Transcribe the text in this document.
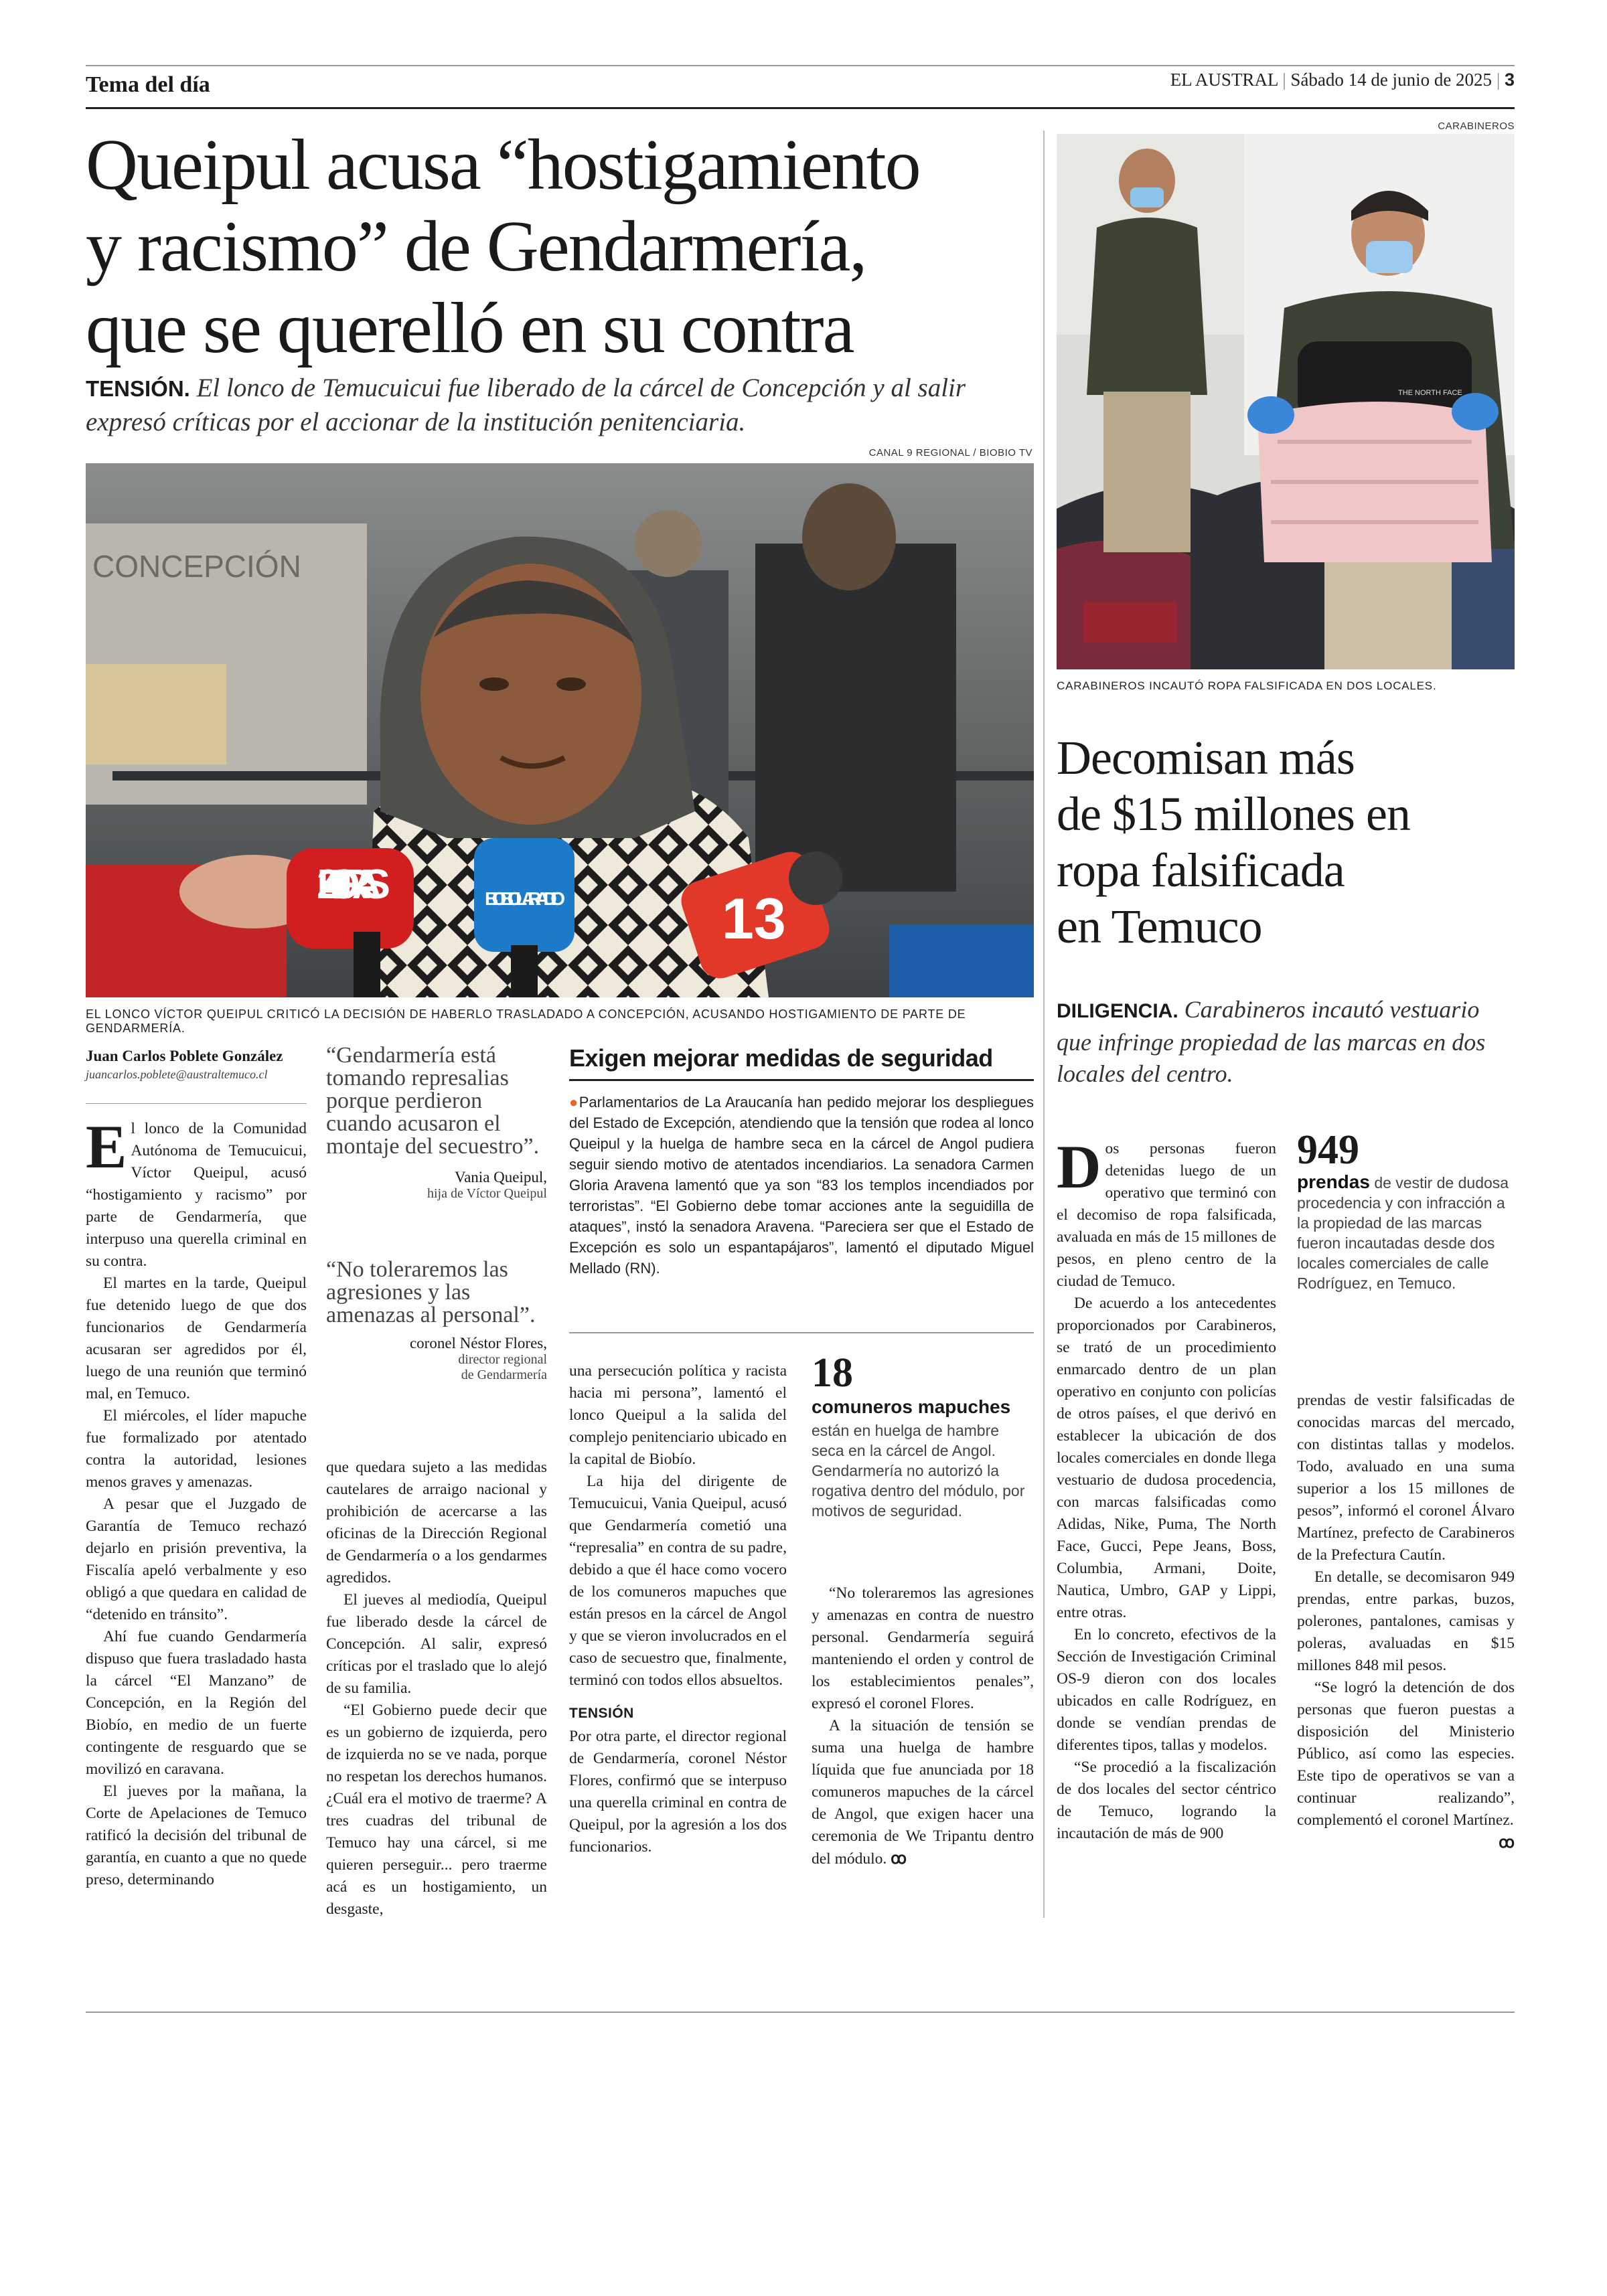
Tema del día	EL AUSTRAL | Sábado 14 de junio de 2025 | 3
Queipul acusa “hostigamiento
y racismo” de Gendarmería,
que se querelló en su contra
TENSIÓN. El lonco de Temucuicui fue liberado de la cárcel de Concepción y al salir expresó críticas por el accionar de la institución penitenciaria.
CANAL 9 REGIONAL / BIOBIO TV
CONCEPCIÓN
24 HORAS	BIO BIO LA RADIO	13
EL LONCO VÍCTOR QUEIPUL CRITICÓ LA DECISIÓN DE HABERLO TRASLADADO A CONCEPCIÓN, ACUSANDO HOSTIGAMIENTO DE PARTE DE GENDARMERÍA.
Juan Carlos Poblete González
juancarlos.poblete@australtemuco.cl

El lonco de la Comunidad Autónoma de Temucuicui, Víctor Queipul, acusó “hostigamiento y racismo” por parte de Gendarmería, que interpuso una querella criminal en su contra.

El martes en la tarde, Queipul fue detenido luego de que dos funcionarios de Gendarmería acusaran ser agredidos por él, luego de una reunión que terminó mal, en Temuco.

El miércoles, el líder mapuche fue formalizado por atentado contra la autoridad, lesiones menos graves y amenazas.

A pesar que el Juzgado de Garantía de Temuco rechazó dejarlo en prisión preventiva, la Fiscalía apeló verbalmente y eso obligó a que quedara en calidad de “detenido en tránsito”.

Ahí fue cuando Gendarmería dispuso que fuera trasladado hasta la cárcel “El Manzano” de Concepción, en la Región del Biobío, en medio de un fuerte contingente de resguardo que se movilizó en caravana.

El jueves por la mañana, la Corte de Apelaciones de Temuco ratificó la decisión del tribunal de garantía, en cuanto a que no quede preso, determinando

“Gendarmería está tomando represalias porque perdieron cuando acusaron el montaje del secuestro”.
Vania Queipul,
hija de Víctor Queipul
“No toleraremos las agresiones y las amenazas al personal”.
coronel Néstor Flores,
director regional
de Gendarmería

que quedara sujeto a las medidas cautelares de arraigo nacional y prohibición de acercarse a las oficinas de la Dirección Regional de Gendarmería o a los gendarmes agredidos.

El jueves al mediodía, Queipul fue liberado desde la cárcel de Concepción. Al salir, expresó críticas por el traslado que lo alejó de su familia.

“El Gobierno puede decir que es un gobierno de izquierda, pero de izquierda no se ve nada, porque no respetan los derechos humanos. ¿Cuál era el motivo de traerme? A tres cuadras del tribunal de Temuco hay una cárcel, si me quieren perseguir... pero traerme acá es un hostigamiento, un desgaste,

Exigen mejorar medidas de seguridad
●Parlamentarios de La Araucanía han pedido mejorar los despliegues del Estado de Excepción, atendiendo que la tensión que rodea al lonco Queipul y la huelga de hambre seca en la cárcel de Angol pudiera seguir siendo motivo de atentados incendiarios. La senadora Carmen Gloria Aravena lamentó que ya son “83 los templos incendiados por terroristas”. “El Gobierno debe tomar acciones ante la seguidilla de ataques”, instó la senadora Aravena. “Pareciera ser que el Estado de Excepción es solo un espantapájaros”, lamentó el diputado Miguel Mellado (RN).

una persecución política y racista hacia mi persona”, lamentó el lonco Queipul a la salida del complejo penitenciario ubicado en la capital de Biobío.

La hija del dirigente de Temucuicui, Vania Queipul, acusó que Gendarmería cometió una “represalia” en contra de su padre, debido a que él hace como vocero de los comuneros mapuches que están presos en la cárcel de Angol y que se vieron involucrados en el caso de secuestro que, finalmente, terminó con todos ellos absueltos.

TENSIÓN

Por otra parte, el director regional de Gendarmería, coronel Néstor Flores, confirmó que se interpuso una querella criminal en contra de Queipul, por la agresión a los dos funcionarios.

18
comuneros mapuches
están en huelga de hambre seca en la cárcel de Angol. Gendarmería no autorizó la rogativa dentro del módulo, por motivos de seguridad.

“No toleraremos las agresiones y amenazas en contra de nuestro personal. Gendarmería seguirá manteniendo el orden y control de los establecimientos penales”, expresó el coronel Flores.

A la situación de tensión se suma una huelga de hambre líquida que fue anunciada por 18 comuneros mapuches de la cárcel de Angol, que exigen hacer una ceremonia de We Tripantu dentro del módulo. ꝏ

CARABINEROS
THE NORTH FACE
CARABINEROS INCAUTÓ ROPA FALSIFICADA EN DOS LOCALES.
Decomisan más
de $15 millones en
ropa falsificada
en Temuco
DILIGENCIA. Carabineros incautó vestuario que infringe propiedad de las marcas en dos locales del centro.

Dos personas fueron detenidas luego de un operativo que terminó con el decomiso de ropa falsificada, avaluada en más de 15 millones de pesos, en pleno centro de la ciudad de Temuco.

De acuerdo a los antecedentes proporcionados por Carabineros, se trató de un procedimiento enmarcado dentro de un plan operativo en conjunto con policías de otros países, el que derivó en establecer la ubicación de dos locales comerciales en donde llega vestuario de dudosa procedencia, con marcas falsificadas como Adidas, Nike, Puma, The North Face, Gucci, Pepe Jeans, Boss, Columbia, Armani, Doite, Nautica, Umbro, GAP y Lippi, entre otras.

En lo concreto, efectivos de la Sección de Investigación Criminal OS-9 dieron con dos locales ubicados en calle Rodríguez, en donde se vendían prendas de diferentes tipos, tallas y modelos.

“Se procedió a la fiscalización de dos locales del sector céntrico de Temuco, logrando la incautación de más de 900

949
prendas de vestir de dudosa procedencia y con infracción a la propiedad de las marcas fueron incautadas desde dos locales comerciales de calle Rodríguez, en Temuco.

prendas de vestir falsificadas de conocidas marcas del mercado, con distintas tallas y modelos. Todo, avaluado en una suma superior a los 15 millones de pesos”, informó el coronel Álvaro Martínez, prefecto de Carabineros de la Prefectura Cautín.

En detalle, se decomisaron 949 prendas, entre parkas, buzos, polerones, pantalones, camisas y poleras, avaluadas en $15 millones 848 mil pesos.

“Se logró la detención de dos personas que fueron puestas a disposición del Ministerio Público, así como las especies. Este tipo de operativos se van a continuar realizando”, complementó el coronel Martínez.

ꝏ
